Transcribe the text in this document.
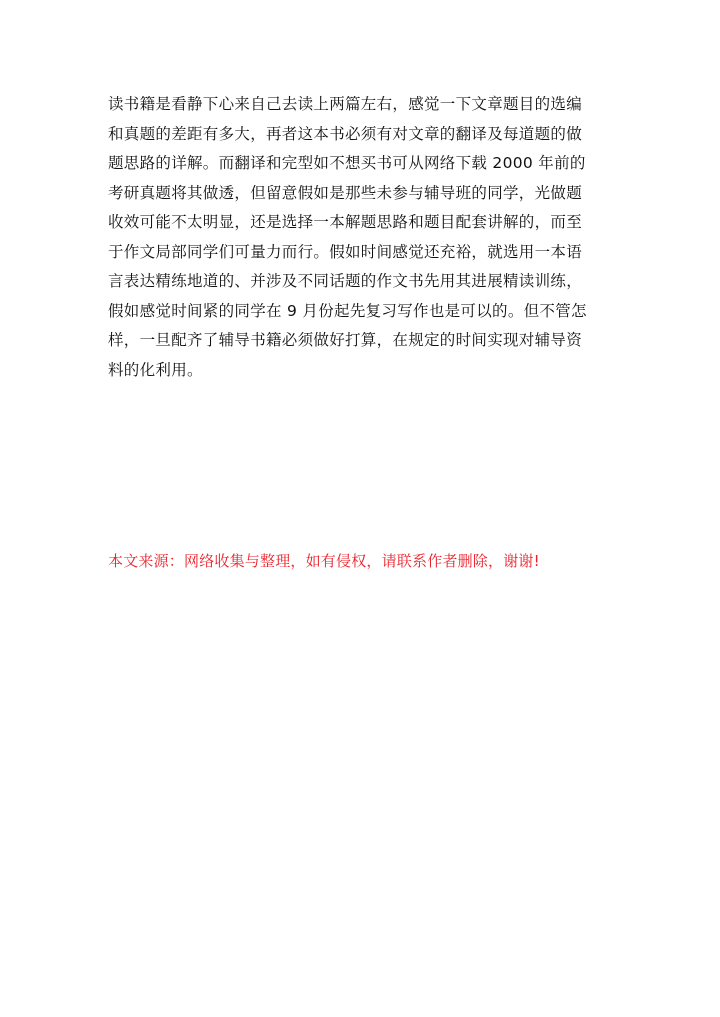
读书籍是看静下心来自己去读上两篇左右，感觉一下文章题目的选编
和真题的差距有多大，再者这本书必须有对文章的翻译及每道题的做
题思路的详解。而翻译和完型如不想买书可从网络下载 2000 年前的
考研真题将其做透，但留意假如是那些未参与辅导班的同学，光做题
收效可能不太明显，还是选择一本解题思路和题目配套讲解的，而至
于作文局部同学们可量力而行。假如时间感觉还充裕，就选用一本语
言表达精练地道的、并涉及不同话题的作文书先用其进展精读训练，
假如感觉时间紧的同学在 9 月份起先复习写作也是可以的。但不管怎
样，一旦配齐了辅导书籍必须做好打算，在规定的时间实现对辅导资
料的化利用。
本文来源：网络收集与整理，如有侵权，请联系作者删除，谢谢!
